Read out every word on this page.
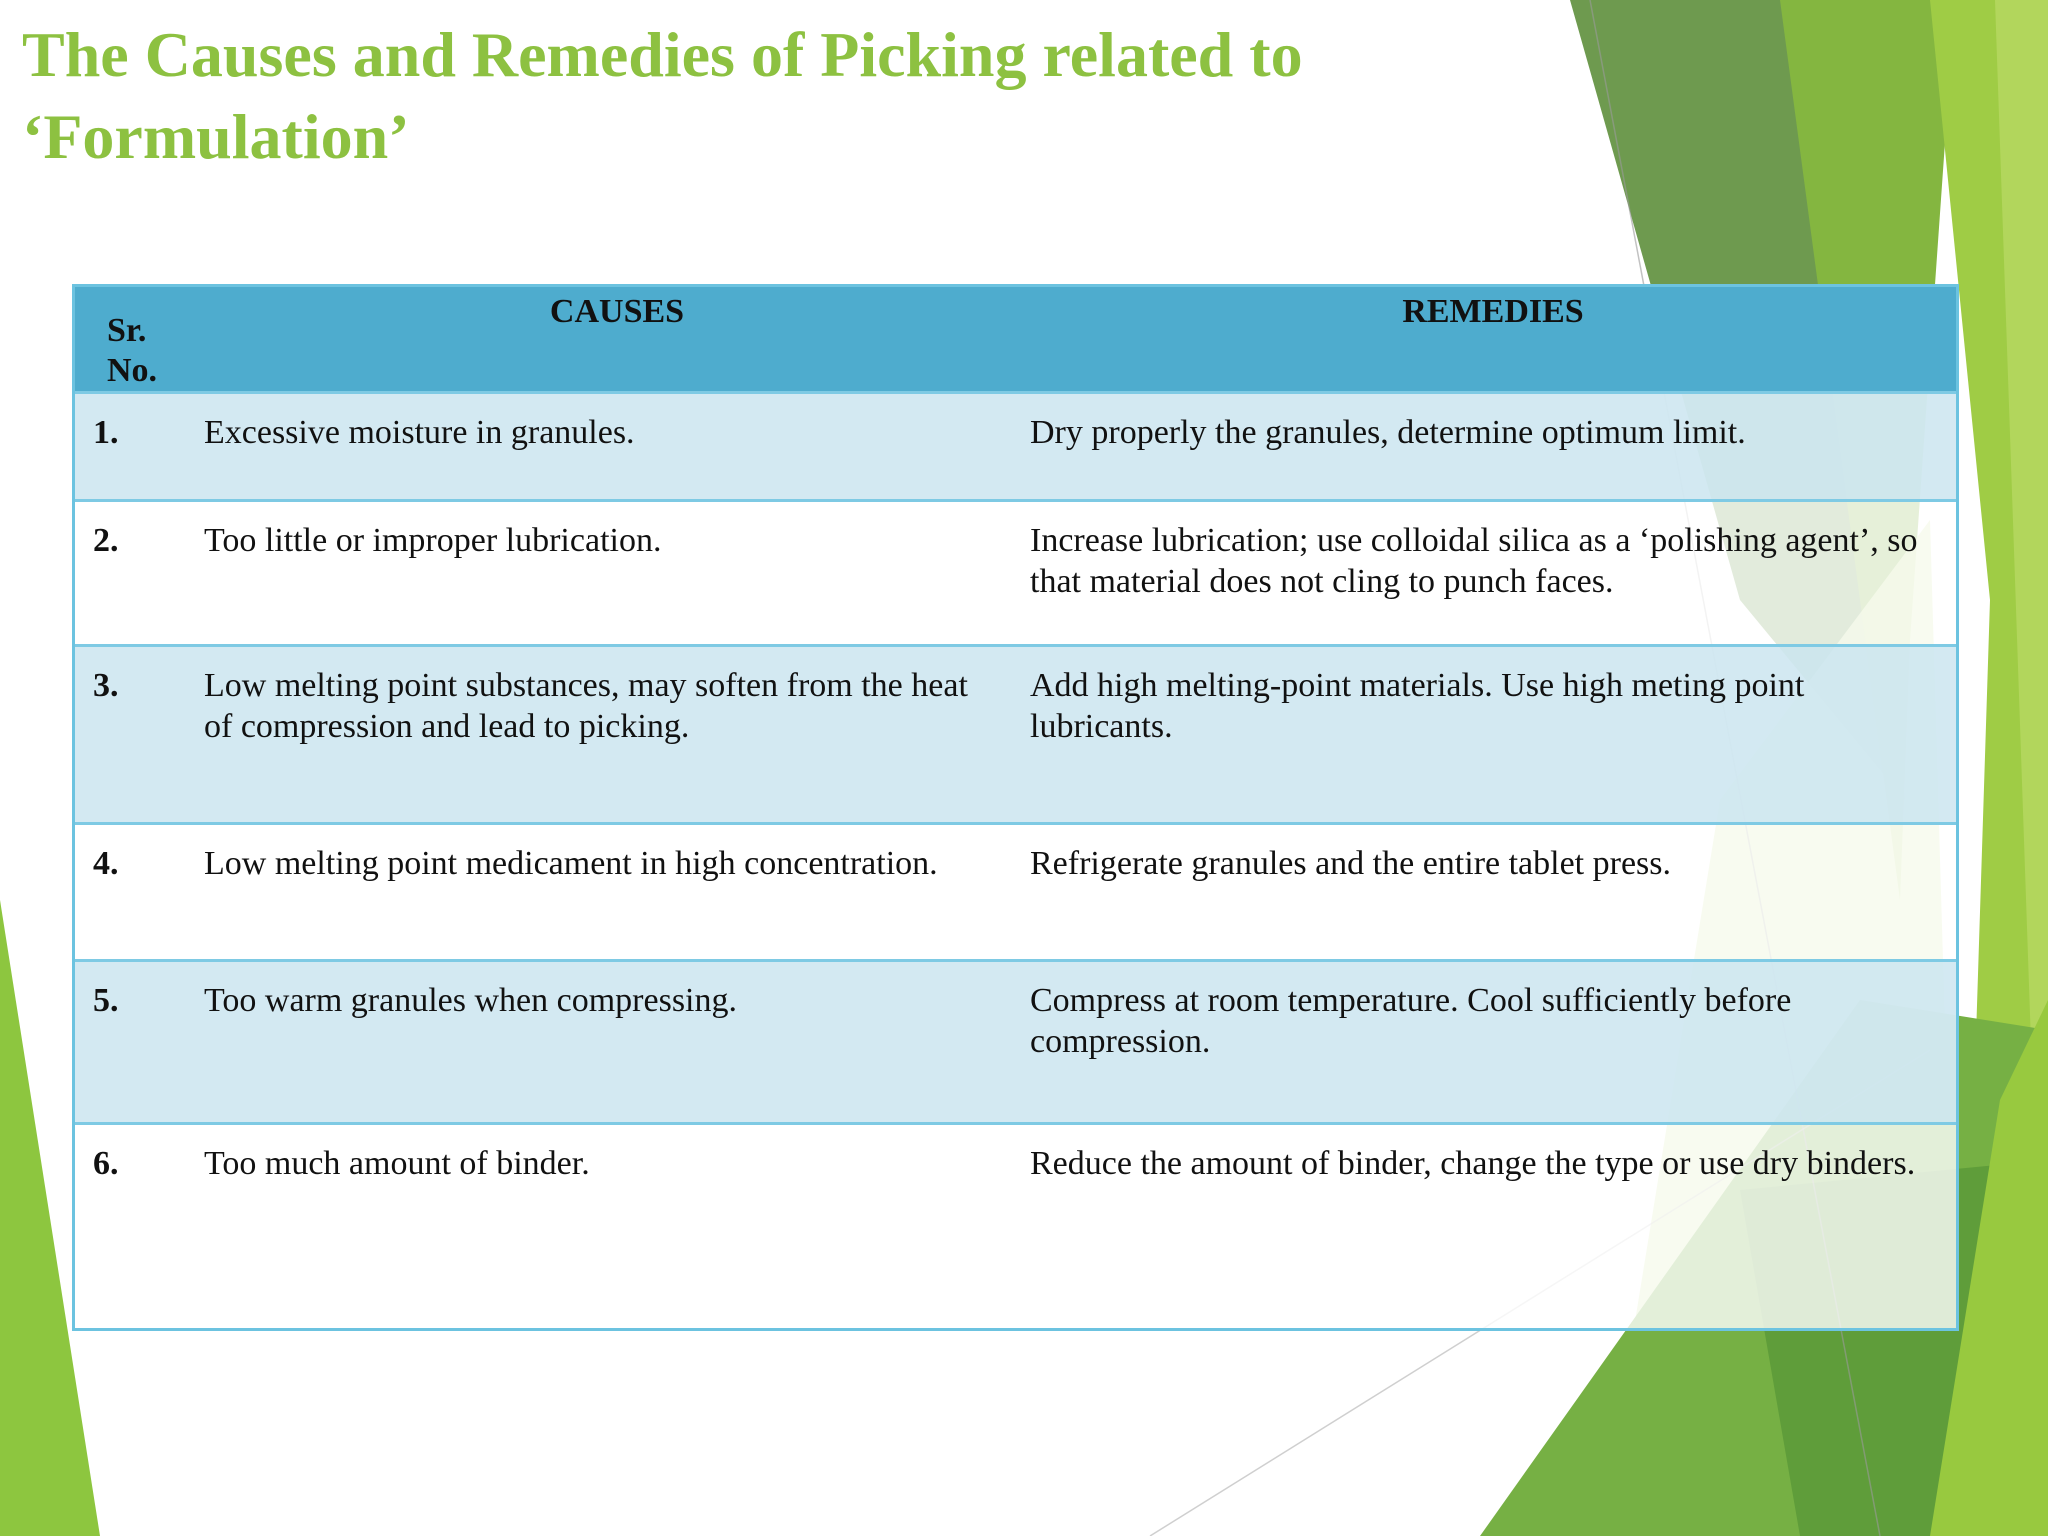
The Causes and Remedies of Picking related to ‘Formulation’
Sr. No.	CAUSES	REMEDIES
1.	Excessive moisture in granules.	Dry properly the granules, determine optimum limit.
2.	Too little or improper lubrication.	Increase lubrication; use colloidal silica as a ‘polishing agent’, so that material does not cling to punch faces.
3.	Low melting point substances, may soften from the heat of compression and lead to picking.	Add high melting-point materials. Use high meting point lubricants.
4.	Low melting point medicament in high concentration.	Refrigerate granules and the entire tablet press.
5.	Too warm granules when compressing.	Compress at room temperature. Cool sufficiently before compression.
6.	Too much amount of binder.	Reduce the amount of binder, change the type or use dry binders.
